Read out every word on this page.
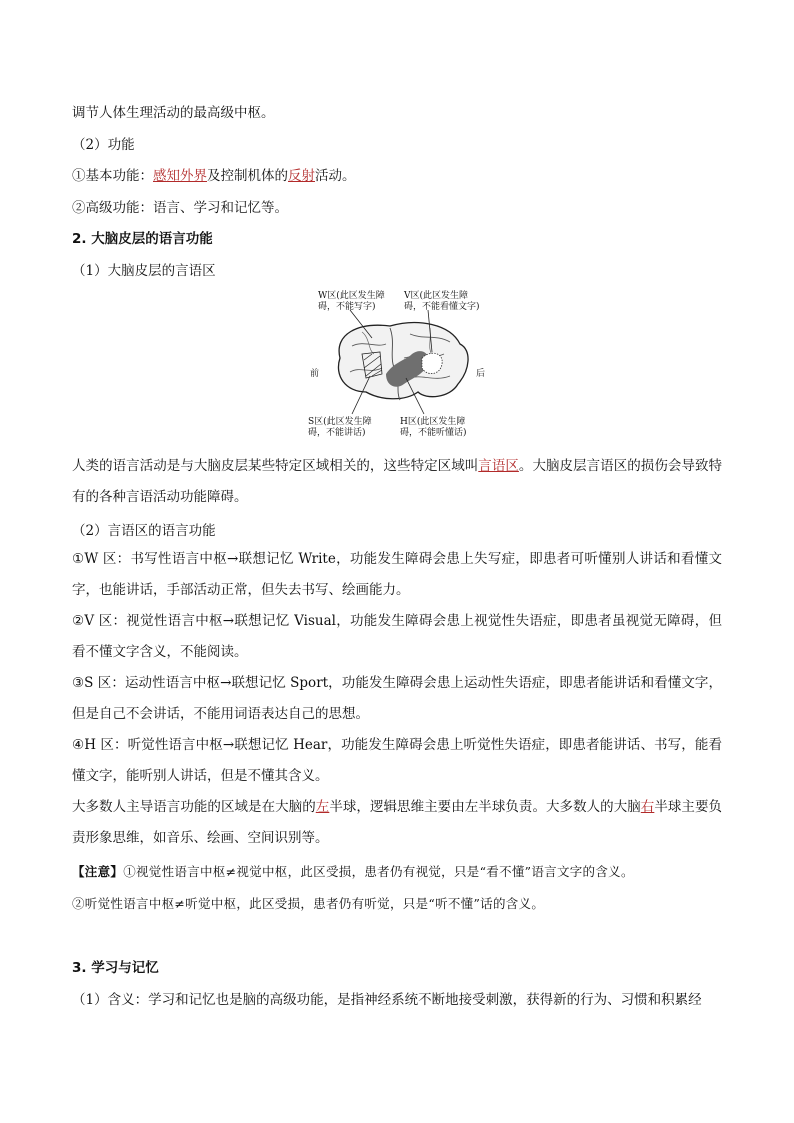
调节人体生理活动的最高级中枢。
（2）功能
①基本功能：感知外界及控制机体的反射活动。
②高级功能：语言、学习和记忆等。
2. 大脑皮层的语言功能
（1）大脑皮层的言语区
W区(此区发生障
碍，不能写字)
V区(此区发生障
碍，不能看懂文字)
前	后
S区(此区发生障
碍，不能讲话)
H区(此区发生障
碍，不能听懂话)
人类的语言活动是与大脑皮层某些特定区域相关的，这些特定区域叫言语区。大脑皮层言语区的损伤会导致特有的各种言语活动功能障碍。
（2）言语区的语言功能
①W 区：书写性语言中枢→联想记忆 Write，功能发生障碍会患上失写症，即患者可听懂别人讲话和看懂文字，也能讲话，手部活动正常，但失去书写、绘画能力。
②V 区：视觉性语言中枢→联想记忆 Visual，功能发生障碍会患上视觉性失语症，即患者虽视觉无障碍，但看不懂文字含义，不能阅读。
③S 区：运动性语言中枢→联想记忆 Sport，功能发生障碍会患上运动性失语症，即患者能讲话和看懂文字，但是自己不会讲话，不能用词语表达自己的思想。
④H 区：听觉性语言中枢→联想记忆 Hear，功能发生障碍会患上听觉性失语症，即患者能讲话、书写，能看懂文字，能听别人讲话，但是不懂其含义。
大多数人主导语言功能的区域是在大脑的左半球，逻辑思维主要由左半球负责。大多数人的大脑右半球主要负责形象思维，如音乐、绘画、空间识别等。
【注意】①视觉性语言中枢≠视觉中枢，此区受损，患者仍有视觉，只是“看不懂”语言文字的含义。
②听觉性语言中枢≠听觉中枢，此区受损，患者仍有听觉，只是“听不懂”话的含义。
3. 学习与记忆
（1）含义：学习和记忆也是脑的高级功能，是指神经系统不断地接受刺激，获得新的行为、习惯和积累经
